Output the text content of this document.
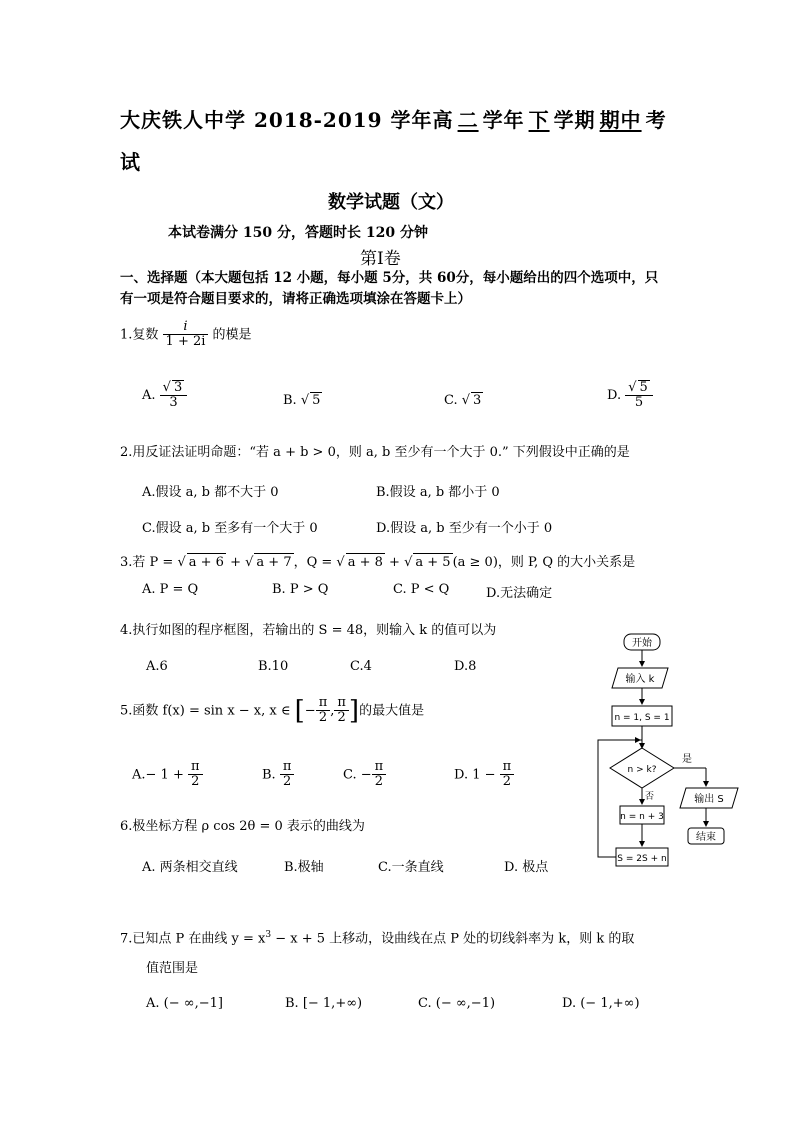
大庆铁人中学 2018-2019 学年高 二 学年 下 学期 期中 考
试
数学试题（文）
本试卷满分 150 分，答题时长 120 分钟
第Ⅰ卷
一、选择题（本大题包括 12 小题，每小题 5分，共 60分，每小题给出的四个选项中，只
有一项是符合题目要求的，请将正确选项填涂在答题卡上）
1.复数 $\frac{i}{1 + 2i}$ 的模是
A. $\frac{√ 3}{3}$	B. √ 5	C. √ 3	D. $\frac{√ 5}{5}$
2.用反证法证明命题：“若 a + b > 0，则 a, b 至少有一个大于 0.” 下列假设中正确的是
A.假设 a, b 都不大于 0	B.假设 a, b 都小于 0
C.假设 a, b 至多有一个大于 0	D.假设 a, b 至少有一个小于 0
3.若 P = √ a + 6 + √ a + 7 ，Q = √ a + 8 + √ a + 5 (a ≥ 0)，则 P, Q 的大小关系是
A. P = Q	B. P > Q	C. P < Q	D.无法确定
4.执行如图的程序框图，若输出的 S = 48，则输入 k 的值可以为
A.6	B.10	C.4	D.8
5.函数 f(x) = sin x − x, x ∈ [− $\frac{\pi}{2}$ , $\frac{\pi}{2}$ ]的最大值是
$A.- 1 + \frac{\pi}{2}$	B. $\frac{\pi}{2}$	C. − $\frac{\pi}{2}$	D. $1 - \frac{\pi}{2}$
6.极坐标方程 ρ cos 2θ = 0 表示的曲线为
A. 两条相交直线	B.极轴	C.一条直线	D. 极点
7.已知点 P 在曲线 $y = x^3 - x + 5$ 上移动，设曲线在点 P 处的切线斜率为 k，则 k 的取
值范围是
A. (− ∞,−1]	B. [− 1,+∞)	C. (− ∞,−1)	D. (− 1,+∞)
开始
输入 k
n = 1, S = 1
n > k?
是
否
n = n + 3
S = 2S + n
输出 S
结束
